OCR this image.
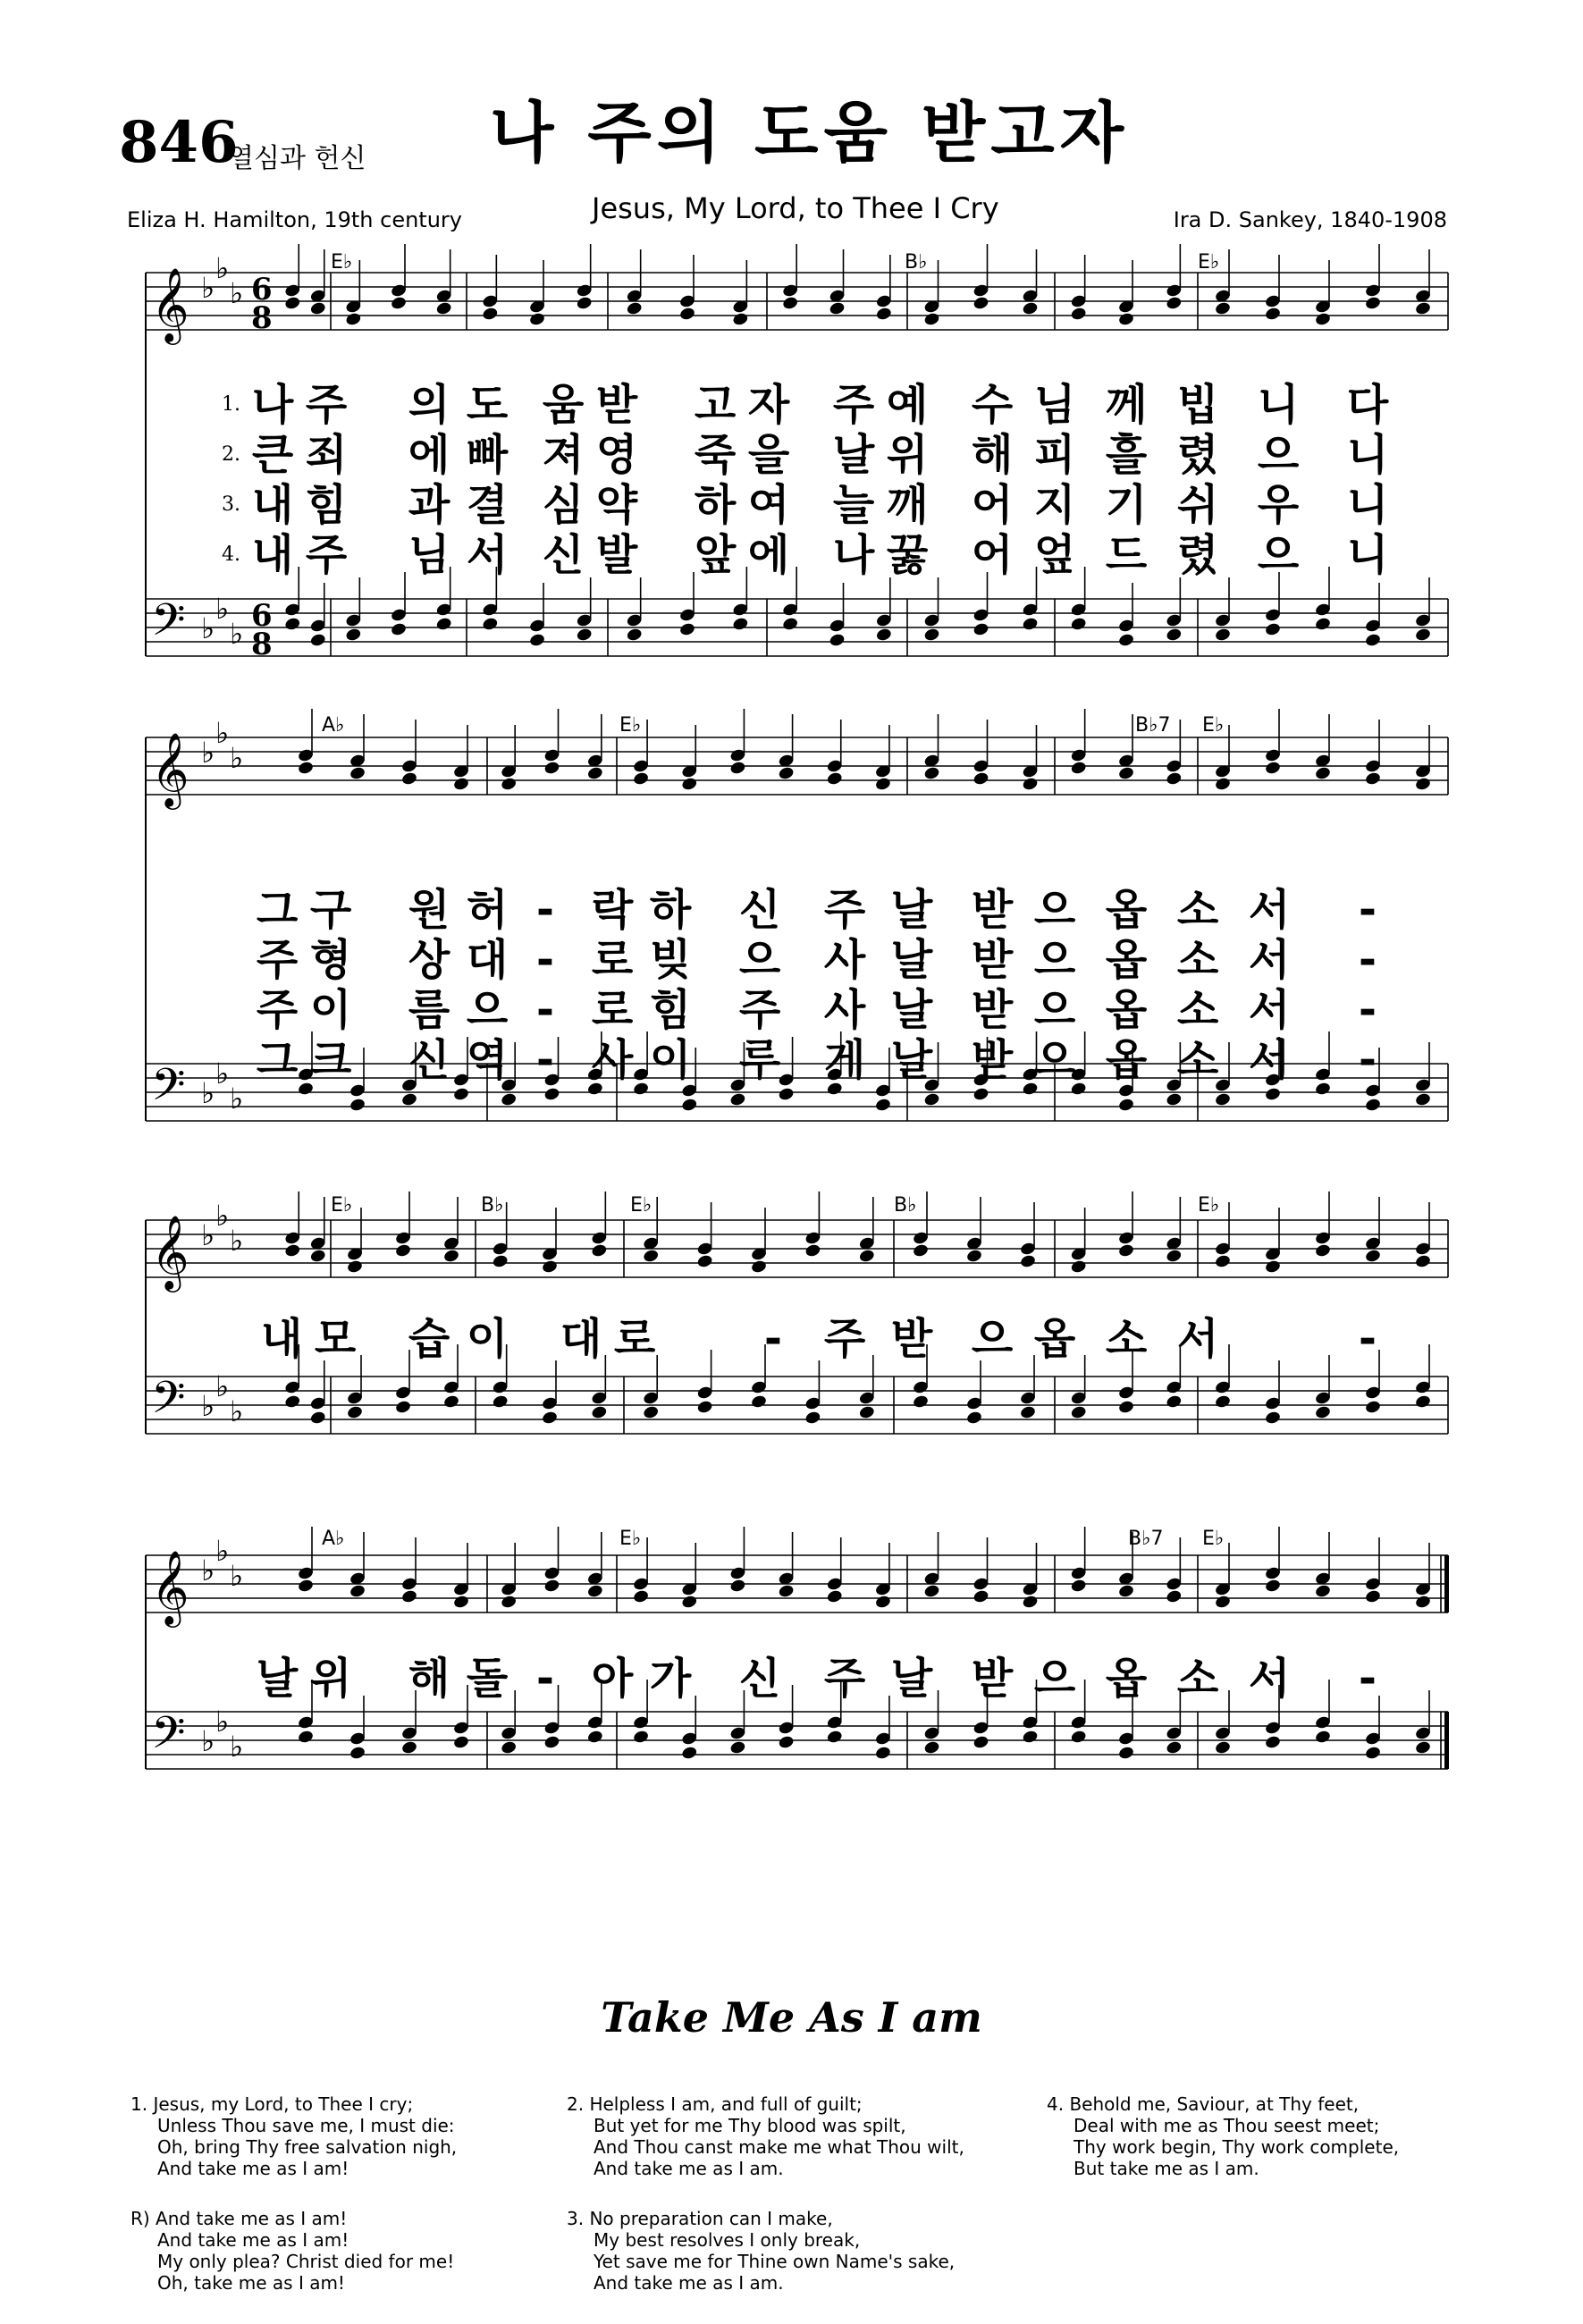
846
열심과 헌신 나 주의 도움 받고자
Jesus, My Lord, to Thee I Cry
Eliza H. Hamilton, 19th century	Ira D. Sankey, 1840-1908
𝄞
𝄢
♭
♭
♭
♭
♭
♭
6
8
6
8
E♭	B♭	E♭
𝄞
𝄢
♭
♭
♭
♭
♭
♭
A♭	E♭	B♭7 E♭
𝄞
𝄢
♭
♭
♭
♭
♭
♭
E♭	B♭	E♭	B♭	E♭
𝄞
𝄢
♭
♭
♭
♭
♭
♭
A♭	E♭	B♭7 E♭
1. 나 주 의 도 움 받 고 자 주 예 수 님 께 빕 니 다
2. 큰 죄 에 빠 져 영 죽 을 날 위 해 피 흘 렸 으 니
3. 내 힘 과 결 심 약 하 여 늘 깨 어 지 기 쉬 우 니
4. 내 주 님 서 신 발 앞 에 나 꿇 어 엎 드 렸 으 니
그 구 원 허 - 락 하 신 주 날 받 으 옵 소 서 -
주 형 상 대 - 로 빚 으 사 날 받 으 옵 소 서 -
주 이 름 으 - 로 힘 주 사 날 받 으 옵 소 서 -
그 크 신 역 - 사 이 루 게 날 받 으 옵 소 서 -
내 모 습 이 대 로	- 주 받 으 옵 소 서	-
날 위 해 돌 - 아 가 신 주 날 받 으 옵 소 서 -
Take Me As I am
1. Jesus, my Lord, to Thee I cry;
Unless Thou save me, I must die:
Oh, bring Thy free salvation nigh,
And take me as I am!
R) And take me as I am!
And take me as I am!
My only plea? Christ died for me!
Oh, take me as I am!
2. Helpless I am, and full of guilt;
But yet for me Thy blood was spilt,
And Thou canst make me what Thou wilt,
And take me as I am.
3. No preparation can I make,
My best resolves I only break,
Yet save me for Thine own Name's sake,
And take me as I am.
4. Behold me, Saviour, at Thy feet,
Deal with me as Thou seest meet;
Thy work begin, Thy work complete,
But take me as I am.
